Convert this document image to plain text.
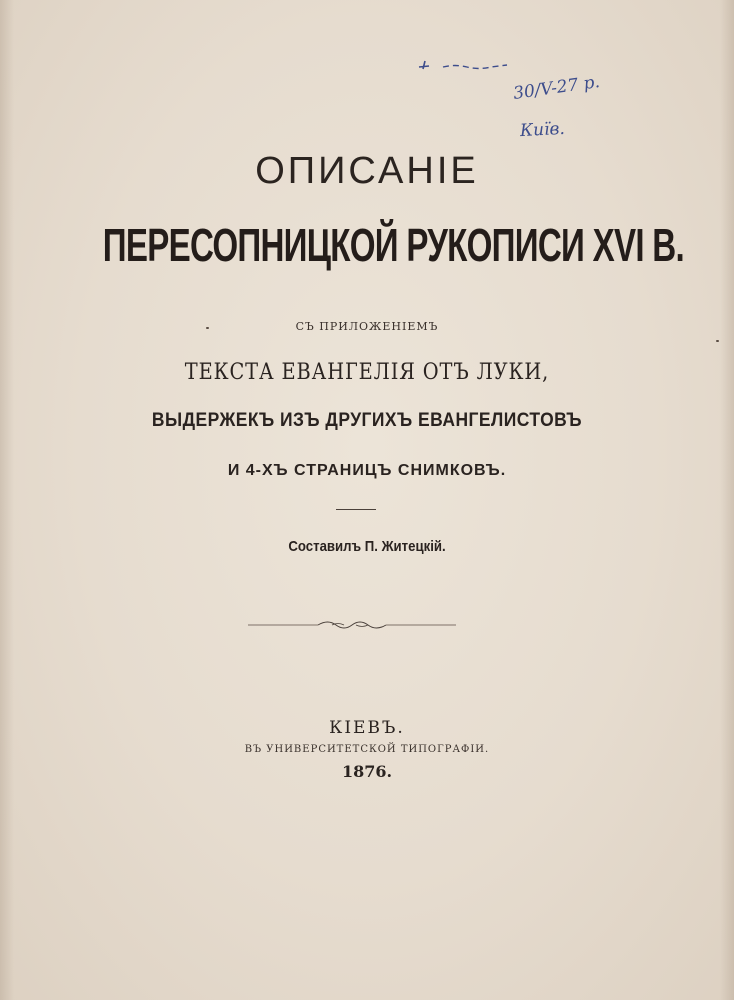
30/V-27 р.
Київ.
ОПИСАНІЕ
ПЕРЕСОПНИЦКОЙ РУКОПИСИ XVI В.
СЪ ПРИЛОЖЕНІЕМЪ
ТЕКСТА ЕВАНГЕЛІЯ ОТЪ ЛУКИ,
ВЫДЕРЖЕКЪ ИЗЪ ДРУГИХЪ ЕВАНГЕЛИСТОВЪ
И 4-ХЪ СТРАНИЦЪ СНИМКОВЪ.
Составилъ П. Житецкій.
КІЕВЪ.
ВЪ УНИВЕРСИТЕТСКОЙ ТИПОГРАФІИ.
1876.
